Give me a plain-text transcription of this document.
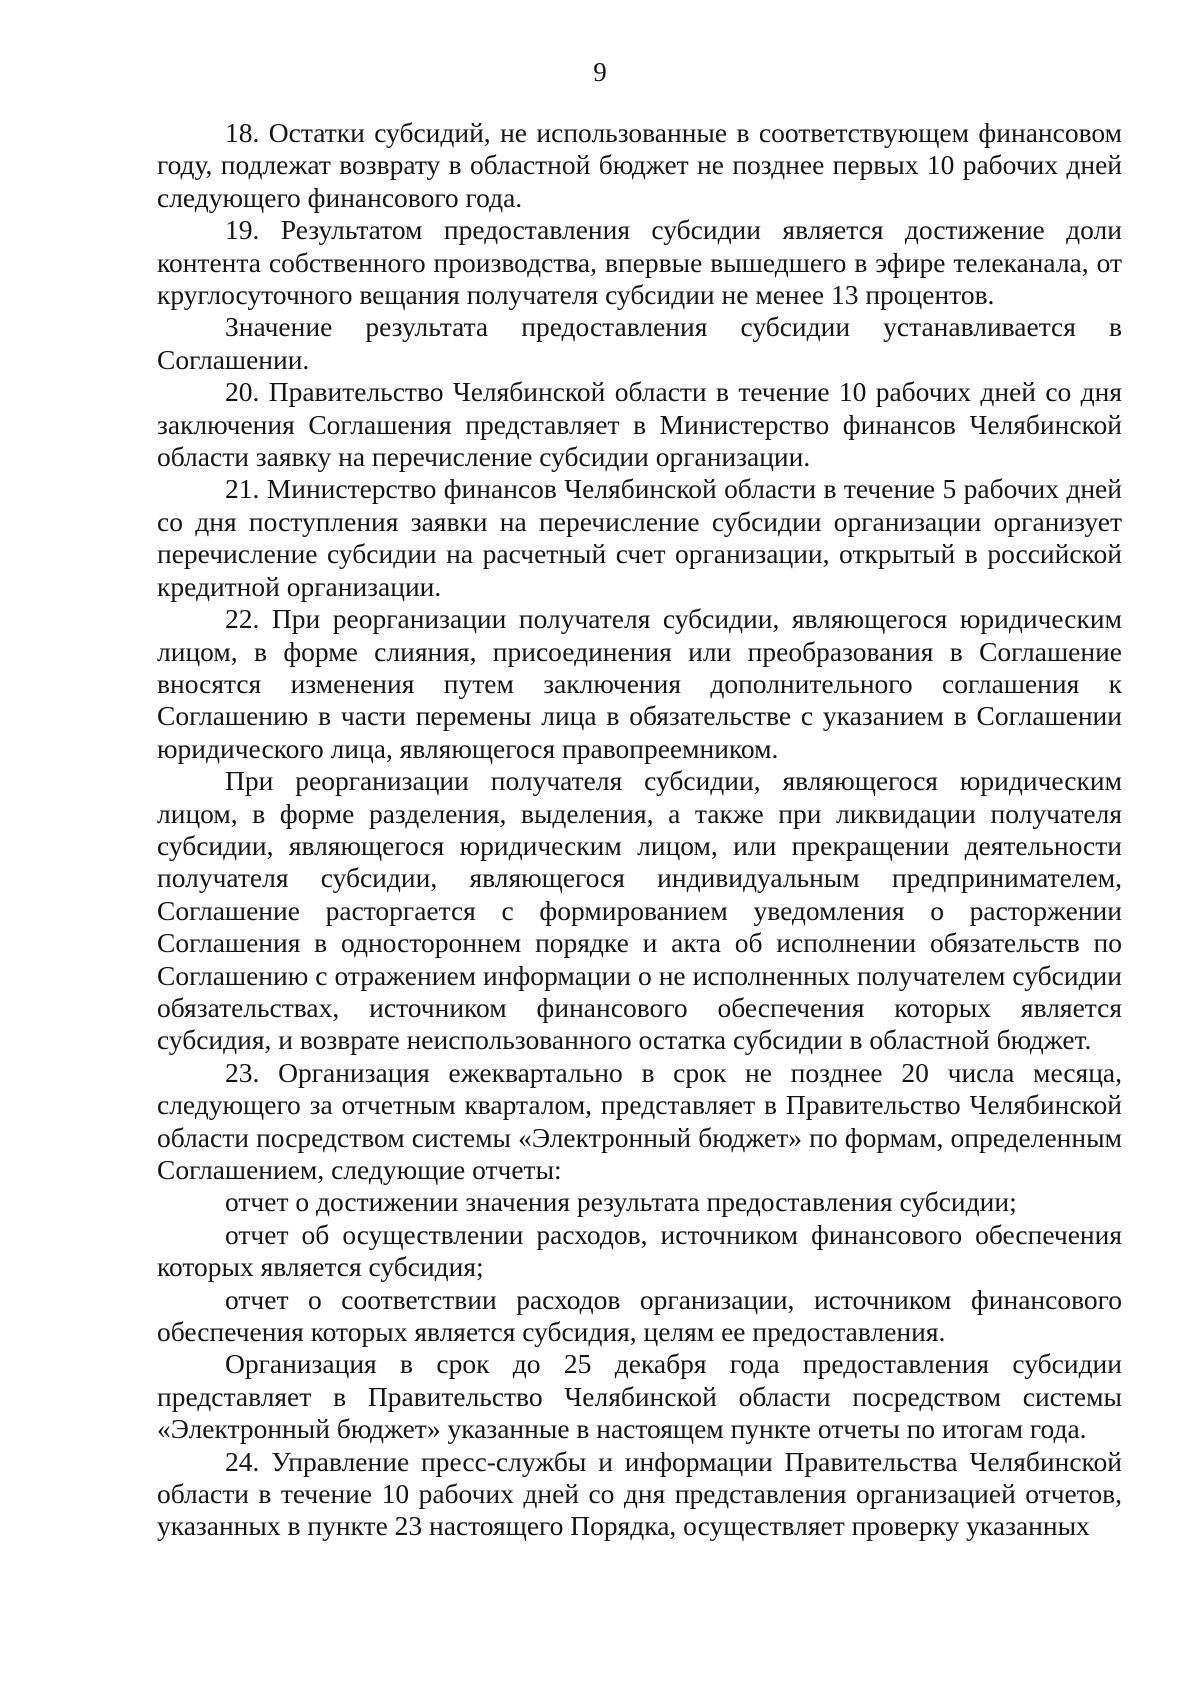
9

18. Остатки субсидий, не использованные в соответствующем финансовом году, подлежат возврату в областной бюджет не позднее первых 10 рабочих дней следующего финансового года.

19. Результатом предоставления субсидии является достижение доли контента собственного производства, впервые вышедшего в эфире телеканала, от круглосуточного вещания получателя субсидии не менее 13 процентов.

Значение результата предоставления субсидии устанавливается в Соглашении.

20. Правительство Челябинской области в течение 10 рабочих дней со дня заключения Соглашения представляет в Министерство финансов Челябинской области заявку на перечисление субсидии организации.

21. Министерство финансов Челябинской области в течение 5 рабочих дней со дня поступления заявки на перечисление субсидии организации организует перечисление субсидии на расчетный счет организации, открытый в российской кредитной организации.

22. При реорганизации получателя субсидии, являющегося юридическим лицом, в форме слияния, присоединения или преобразования в Соглашение вносятся изменения путем заключения дополнительного соглашения к Соглашению в части перемены лица в обязательстве с указанием в Соглашении юридического лица, являющегося правопреемником.

При реорганизации получателя субсидии, являющегося юридическим лицом, в форме разделения, выделения, а также при ликвидации получателя субсидии, являющегося юридическим лицом, или прекращении деятельности получателя субсидии, являющегося индивидуальным предпринимателем, Соглашение расторгается с формированием уведомления о расторжении Соглашения в одностороннем порядке и акта об исполнении обязательств по Соглашению с отражением информации о не исполненных получателем субсидии обязательствах, источником финансового обеспечения которых является субсидия, и возврате неиспользованного остатка субсидии в областной бюджет.

23. Организация ежеквартально в срок не позднее 20 числа месяца, следующего за отчетным кварталом, представляет в Правительство Челябинской области посредством системы «Электронный бюджет» по формам, определенным Соглашением, следующие отчеты:

отчет о достижении значения результата предоставления субсидии;

отчет об осуществлении расходов, источником финансового обеспечения которых является субсидия;

отчет о соответствии расходов организации, источником финансового обеспечения которых является субсидия, целям ее предоставления.

Организация в срок до 25 декабря года предоставления субсидии представляет в Правительство Челябинской области посредством системы «Электронный бюджет» указанные в настоящем пункте отчеты по итогам года.

24. Управление пресс-службы и информации Правительства Челябинской области в течение 10 рабочих дней со дня представления организацией отчетов, указанных в пункте 23 настоящего Порядка, осуществляет проверку указанных
